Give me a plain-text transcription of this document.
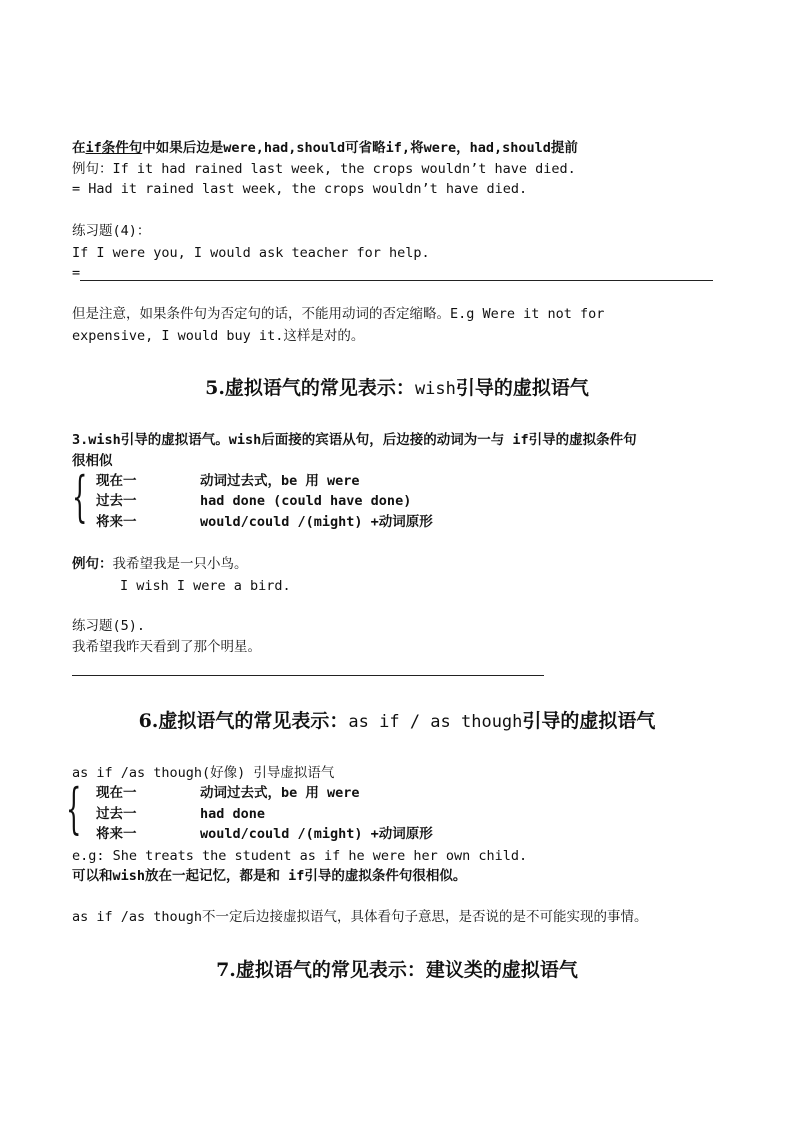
在if条件句中如果后边是were,had,should可省略if,将were，had,should提前
例句：If it had rained last week, the crops wouldn’t have died.
= Had it rained last week, the crops wouldn’t have died.
练习题(4)：
If I were you, I would ask teacher for help.
=
但是注意，如果条件句为否定句的话，不能用动词的否定缩略。E.g Were it not for
expensive, I would buy it.这样是对的。
5.虚拟语气的常见表示：wish引导的虚拟语气
3.wish引导的虚拟语气。wish后面接的宾语从句，后边接的动词为一与 if引导的虚拟条件句
很相似
{ 现在一	动词过去式，be 用 were
过去一	had done (could have done)
将来一	would/could /(might) +动词原形
例句：我希望我是一只小鸟。
I wish I were a bird.
练习题(5).
我希望我昨天看到了那个明星。
6.虚拟语气的常见表示：as if / as though引导的虚拟语气
as if /as though(好像) 引导虚拟语气
{ 现在一	动词过去式，be 用 were
过去一	had done
将来一	would/could /(might) +动词原形
e.g: She treats the student as if he were her own child.
可以和wish放在一起记忆，都是和 if引导的虚拟条件句很相似。
as if /as though不一定后边接虚拟语气，具体看句子意思，是否说的是不可能实现的事情。
7.虚拟语气的常见表示：建议类的虚拟语气
